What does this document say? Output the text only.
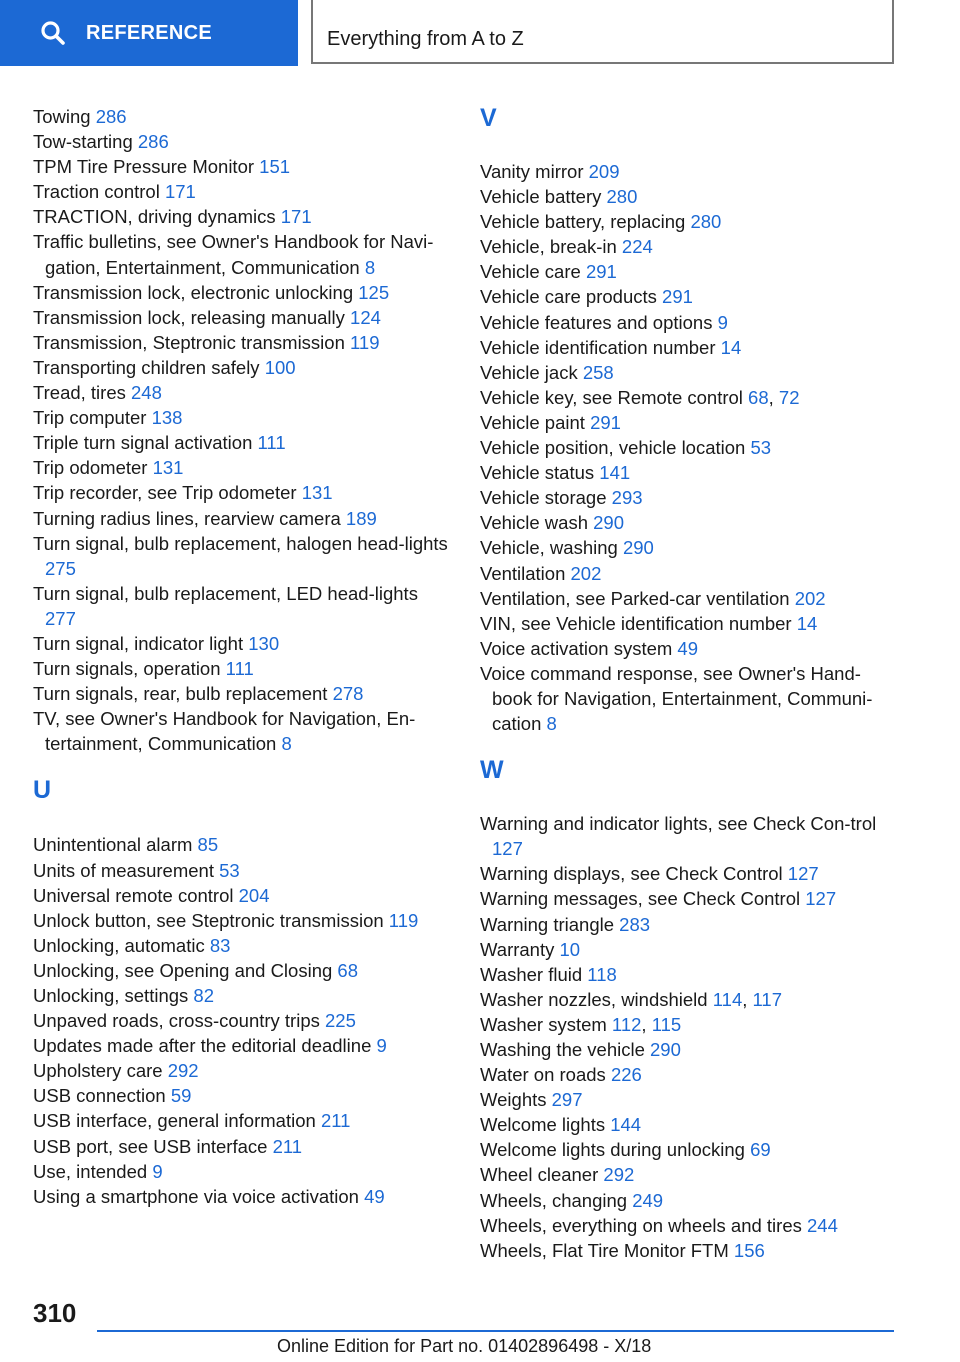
REFERENCE	Everything from A to Z
Towing 286
Tow-starting 286
TPM Tire Pressure Monitor 151
Traction control 171
TRACTION, driving dynamics 171
Traffic bulletins, see Owner's Handbook for Navi-gation, Entertainment, Communication 8
Transmission lock, electronic unlocking 125
Transmission lock, releasing manually 124
Transmission, Steptronic transmission 119
Transporting children safely 100
Tread, tires 248
Trip computer 138
Triple turn signal activation 111
Trip odometer 131
Trip recorder, see Trip odometer 131
Turning radius lines, rearview camera 189
Turn signal, bulb replacement, halogen head-lights 275
Turn signal, bulb replacement, LED head-lights 277
Turn signal, indicator light 130
Turn signals, operation 111
Turn signals, rear, bulb replacement 278
TV, see Owner's Handbook for Navigation, En-tertainment, Communication 8
U
Unintentional alarm 85
Units of measurement 53
Universal remote control 204
Unlock button, see Steptronic transmission 119
Unlocking, automatic 83
Unlocking, see Opening and Closing 68
Unlocking, settings 82
Unpaved roads, cross-country trips 225
Updates made after the editorial deadline 9
Upholstery care 292
USB connection 59
USB interface, general information 211
USB port, see USB interface 211
Use, intended 9
Using a smartphone via voice activation 49
V
Vanity mirror 209
Vehicle battery 280
Vehicle battery, replacing 280
Vehicle, break-in 224
Vehicle care 291
Vehicle care products 291
Vehicle features and options 9
Vehicle identification number 14
Vehicle jack 258
Vehicle key, see Remote control 68, 72
Vehicle paint 291
Vehicle position, vehicle location 53
Vehicle status 141
Vehicle storage 293
Vehicle wash 290
Vehicle, washing 290
Ventilation 202
Ventilation, see Parked-car ventilation 202
VIN, see Vehicle identification number 14
Voice activation system 49
Voice command response, see Owner's Hand-book for Navigation, Entertainment, Communi-cation 8
W
Warning and indicator lights, see Check Con-trol 127
Warning displays, see Check Control 127
Warning messages, see Check Control 127
Warning triangle 283
Warranty 10
Washer fluid 118
Washer nozzles, windshield 114, 117
Washer system 112, 115
Washing the vehicle 290
Water on roads 226
Weights 297
Welcome lights 144
Welcome lights during unlocking 69
Wheel cleaner 292
Wheels, changing 249
Wheels, everything on wheels and tires 244
Wheels, Flat Tire Monitor FTM 156
310
Online Edition for Part no. 01402896498 - X/18
